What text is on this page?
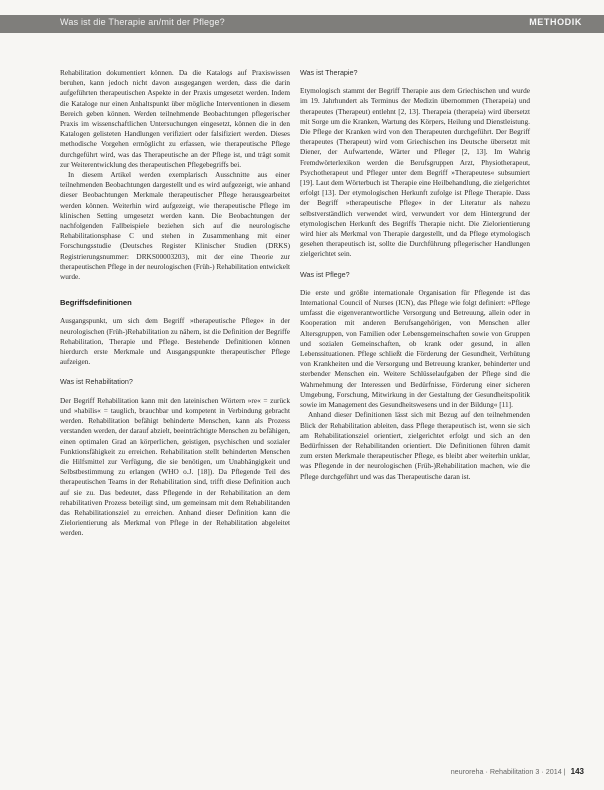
Was ist die Therapie an/mit der Pflege?	METHODIK

Rehabilitation dokumentiert können. Da die Katalogs auf Praxiswissen beruhen, kann jedoch nicht davon ausgegangen werden, dass die darin aufgeführten therapeutischen Aspekte in der Praxis umgesetzt werden. Indem die Kataloge nur einen Anhaltspunkt über mögliche Interventionen in diesem Bereich geben können. Werden teilnehmende Beobachtungen pflegerischer Praxis im wissenschaftlichen Untersuchungen eingesetzt, können die in den Katalogen gelisteten Handlungen verifiziert oder falsifiziert werden. Dieses methodische Vorgehen ermöglicht zu erfassen, wie therapeutische Pflege durchgeführt wird, was das Therapeutische an der Pflege ist, und trägt somit zur Weiterentwicklung des therapeutischen Pflegebegriffs bei.

In diesem Artikel werden exemplarisch Ausschnitte aus einer teilnehmenden Beobachtungen dargestellt und es wird aufgezeigt, wie anhand dieser Beobachtungen Merkmale therapeutischer Pflege herausgearbeitet werden können. Weiterhin wird aufgezeigt, wie therapeutische Pflege im klinischen Setting umgesetzt werden kann. Die Beobachtungen der nachfolgenden Fallbeispiele beziehen sich auf die neurologische Rehabilitationsphase C und stehen in Zusammenhang mit einer Forschungsstudie (Deutsches Register Klinischer Studien (DRKS) Registrierungsnummer: DRKS00003203), mit der eine Theorie zur therapeutischen Pflege in der neurologischen (Früh-) Rehabilitation entwickelt wurde.

Begriffsdefinitionen

Ausgangspunkt, um sich dem Begriff »therapeutische Pflege« in der neurologischen (Früh-)Rehabilitation zu nähern, ist die Definition der Begriffe Rehabilitation, Therapie und Pflege. Bestehende Definitionen können hierdurch erste Merkmale und Ausgangspunkte therapeutischer Pflege aufzeigen.

Was ist Rehabilitation?

Der Begriff Rehabilitation kann mit den lateinischen Wörtern »re« = zurück und »habilis« = tauglich, brauchbar und kompetent in Verbindung gebracht werden. Rehabilitation befähigt behinderte Menschen, kann als Prozess verstanden werden, der darauf abzielt, beeinträchtigte Menschen zu befähigen, einen optimalen Grad an körperlichen, geistigen, psychischen und sozialer Funktionsfähigkeit zu erreichen. Rehabilitation stellt behinderten Menschen die Hilfsmittel zur Verfügung, die sie benötigen, um Unabhängigkeit und Selbstbestimmung zu erlangen (WHO o.J. [18]). Da Pflegende Teil des therapeutischen Teams in der Rehabilitation sind, trifft diese Definition auch auf sie zu. Das bedeutet, dass Pflegende in der Rehabilitation an dem rehabilitativen Prozess beteiligt sind, um gemeinsam mit dem Rehabilitanden das Rehabilitationsziel zu erreichen. Anhand dieser Definition kann die Zielorientierung als Merkmal von Pflege in der Rehabilitation abgeleitet werden.

Was ist Therapie?

Etymologisch stammt der Begriff Therapie aus dem Griechischen und wurde im 19. Jahrhundert als Terminus der Medizin übernommen (Therapeia) und therapeutes (Therapeut) entlehnt [2, 13]. Therapeia (therapeia) wird übersetzt mit Sorge um die Kranken, Wartung des Körpers, Heilung und Dienstleistung. Die Pflege der Kranken wird von den Therapeuten durchgeführt. Der Begriff therapeutes (Therapeut) wird vom Griechischen ins Deutsche übersetzt mit Diener, der Aufwartende, Wärter und Pfleger [2, 13]. Im Wahrig Fremdwörterlexikon werden die Berufsgruppen Arzt, Physiotherapeut, Psychotherapeut und Pfleger unter dem Begriff »Therapeutes« subsumiert [19]. Laut dem Wörterbuch ist Therapie eine Heilbehandlung, die zielgerichtet erfolgt [13]. Der etymologischen Herkunft zufolge ist Pflege Therapie. Dass der Begriff »therapeutische Pflege« in der Literatur als nahezu selbstverständlich verwendet wird, verwundert vor dem Hintergrund der etymologischen Herkunft des Begriffs Therapie nicht. Die Zielorientierung wird hier als Merkmal von Therapie dargestellt, und da Pflege etymologisch gesehen therapeutisch ist, sollte die Durchführung pflegerischer Handlungen zielgerichtet sein.

Was ist Pflege?

Die erste und größte internationale Organisation für Pflegende ist das International Council of Nurses (ICN), das Pflege wie folgt definiert: »Pflege umfasst die eigenverantwortliche Versorgung und Betreuung, allein oder in Kooperation mit anderen Berufsangehörigen, von Menschen aller Altersgruppen, von Familien oder Lebensgemeinschaften sowie von Gruppen und sozialen Gemeinschaften, ob krank oder gesund, in allen Lebenssituationen. Pflege schließt die Förderung der Gesundheit, Verhütung von Krankheiten und die Versorgung und Betreuung kranker, behinderter und sterbender Menschen ein. Weitere Schlüsselaufgaben der Pflege sind die Wahrnehmung der Interessen und Bedürfnisse, Förderung einer sicheren Umgebung, Forschung, Mitwirkung in der Gestaltung der Gesundheitspolitik sowie im Management des Gesundheitswesens und in der Bildung« [11].

Anhand dieser Definitionen lässt sich mit Bezug auf den teilnehmenden Blick der Rehabilitation ableiten, dass Pflege therapeutisch ist, wenn sie sich am Rehabilitationsziel orientiert, zielgerichtet erfolgt und sich an den Bedürfnissen der Rehabilitanden orientiert. Die Definitionen führen damit zum ersten Merkmale therapeutischer Pflege, es bleibt aber weiterhin unklar, was Pflegende in der neurologischen (Früh-)Rehabilitation machen, wie die Pflege durchgeführt und was das Therapeutische daran ist.

neuroreha · Rehabilitation 3 · 2014 | 143
